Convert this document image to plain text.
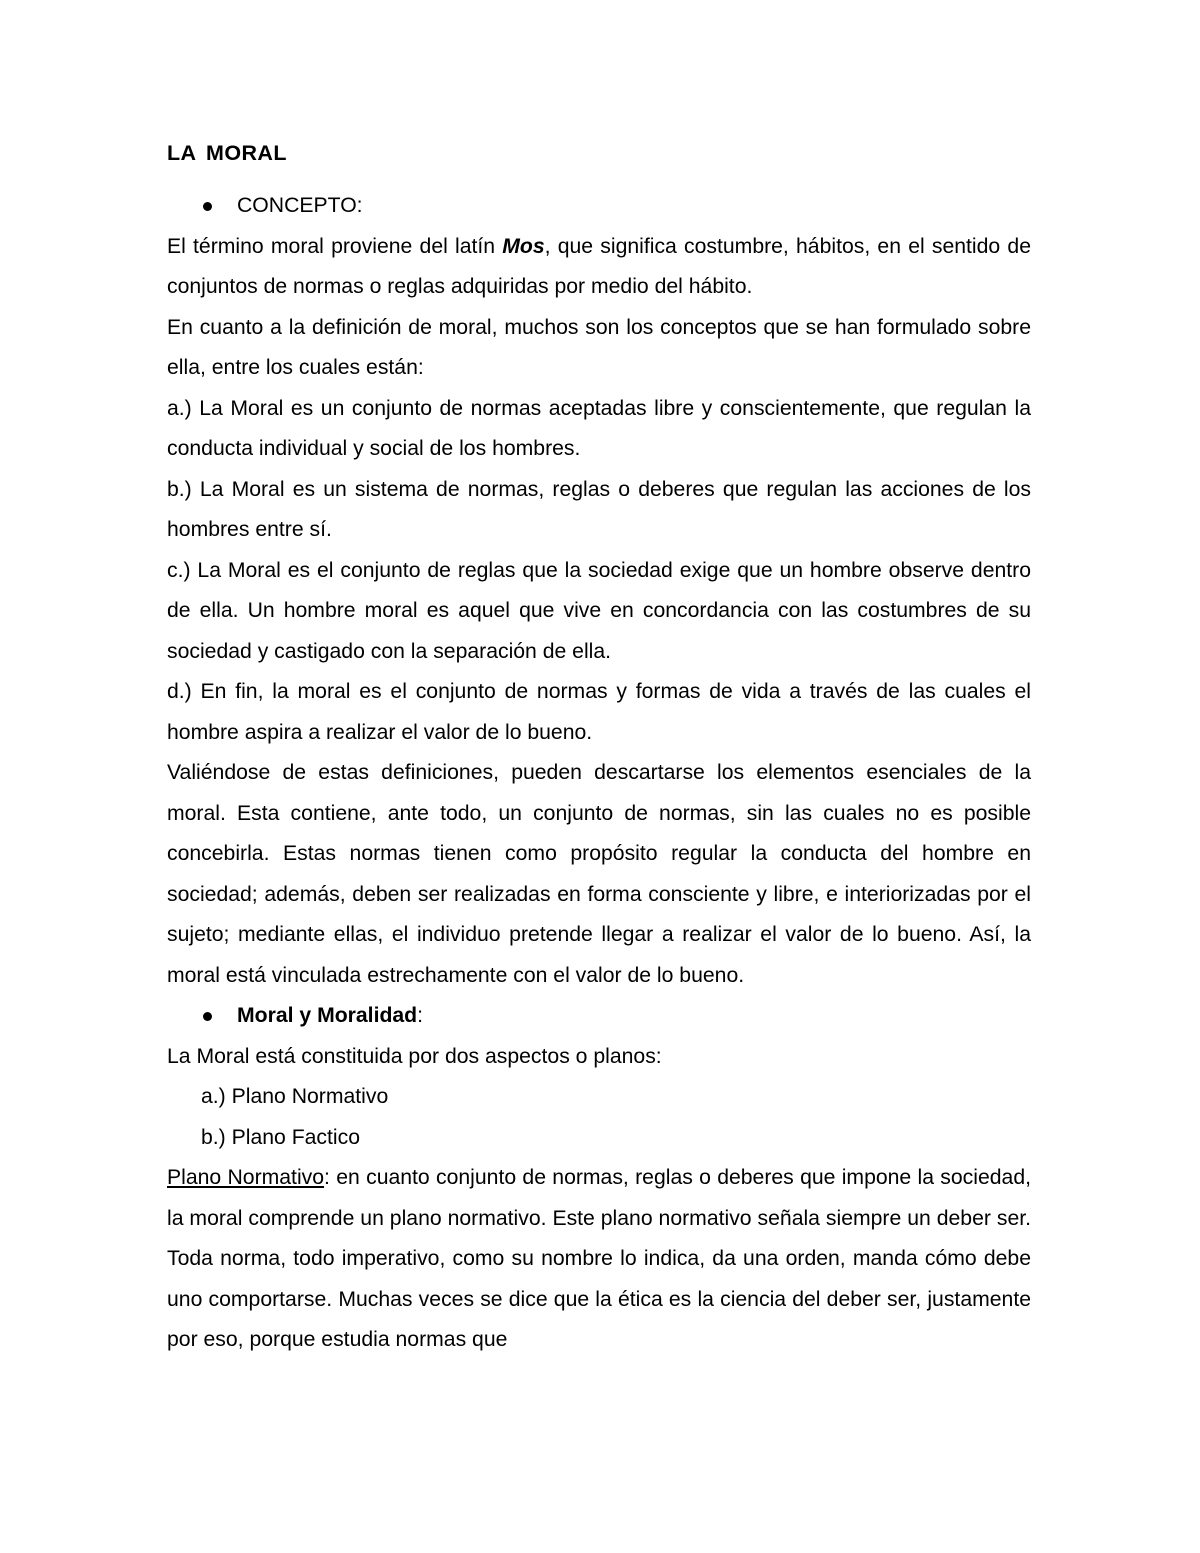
LA MORAL
CONCEPTO:

El término moral proviene del latín Mos, que significa costumbre, hábitos, en el sentido de conjuntos de normas o reglas adquiridas por medio del hábito.

En cuanto a la definición de moral, muchos son los conceptos que se han formulado sobre ella, entre los cuales están:

a.) La Moral es un conjunto de normas aceptadas libre y conscientemente, que regulan la conducta individual y social de los hombres.

b.) La Moral es un sistema de normas, reglas o deberes que regulan las acciones de los hombres entre sí.

c.) La Moral es el conjunto de reglas que la sociedad exige que un hombre observe dentro de ella. Un hombre moral es aquel que vive en concordancia con las costumbres de su sociedad y castigado con la separación de ella.

d.) En fin, la moral es el conjunto de normas y formas de vida a través de las cuales el hombre aspira a realizar el valor de lo bueno.

Valiéndose de estas definiciones, pueden descartarse los elementos esenciales de la moral. Esta contiene, ante todo, un conjunto de normas, sin las cuales no es posible concebirla. Estas normas tienen como propósito regular la conducta del hombre en sociedad; además, deben ser realizadas en forma consciente y libre, e interiorizadas por el sujeto; mediante ellas, el individuo pretende llegar a realizar el valor de lo bueno. Así, la moral está vinculada estrechamente con el valor de lo bueno.

Moral y Moralidad:

La Moral está constituida por dos aspectos o planos:

a.) Plano Normativo

b.) Plano Factico

Plano Normativo: en cuanto conjunto de normas, reglas o deberes que impone la sociedad, la moral comprende un plano normativo. Este plano normativo señala siempre un deber ser. Toda norma, todo imperativo, como su nombre lo indica, da una orden, manda cómo debe uno comportarse. Muchas veces se dice que la ética es la ciencia del deber ser, justamente por eso, porque estudia normas que
